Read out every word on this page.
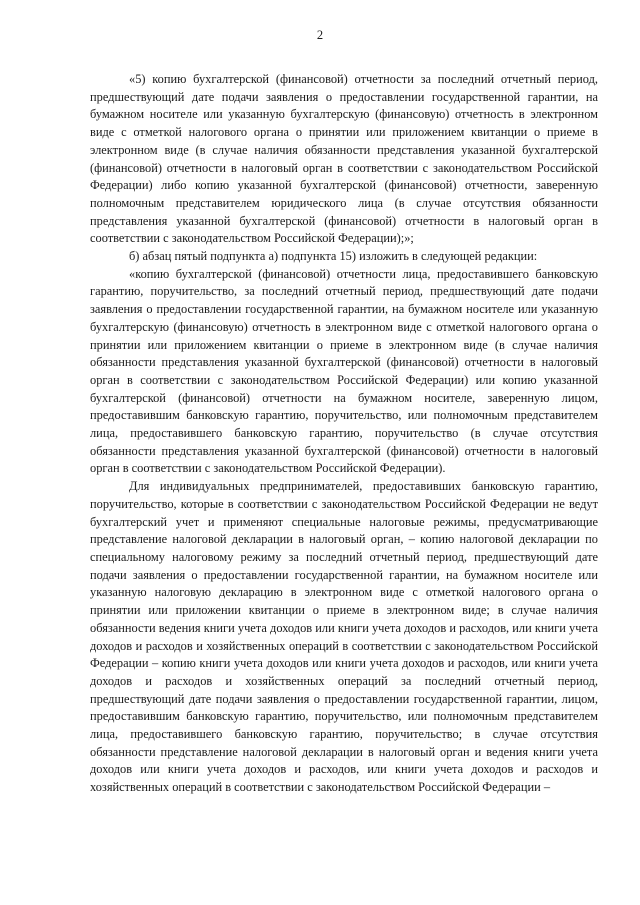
2

«5) копию бухгалтерской (финансовой) отчетности за последний отчетный период, предшествующий дате подачи заявления о предоставлении государственной гарантии, на бумажном носителе или указанную бухгалтерскую (финансовую) отчетность в электронном виде с отметкой налогового органа о принятии или приложением квитанции о приеме в электронном виде (в случае наличия обязанности представления указанной бухгалтерской (финансовой) отчетности в налоговый орган в соответствии с законодательством Российской Федерации) либо копию указанной бухгалтерской (финансовой) отчетности, заверенную полномочным представителем юридического лица (в случае отсутствия обязанности представления указанной бухгалтерской (финансовой) отчетности в налоговый орган в соответствии с законодательством Российской Федерации);»;

б) абзац пятый подпункта а) подпункта 15) изложить в следующей редакции:

«копию бухгалтерской (финансовой) отчетности лица, предоставившего банковскую гарантию, поручительство, за последний отчетный период, предшествующий дате подачи заявления о предоставлении государственной гарантии, на бумажном носителе или указанную бухгалтерскую (финансовую) отчетность в электронном виде с отметкой налогового органа о принятии или приложением квитанции о приеме в электронном виде (в случае наличия обязанности представления указанной бухгалтерской (финансовой) отчетности в налоговый орган в соответствии с законодательством Российской Федерации) или копию указанной бухгалтерской (финансовой) отчетности на бумажном носителе, заверенную лицом, предоставившим банковскую гарантию, поручительство, или полномочным представителем лица, предоставившего банковскую гарантию, поручительство (в случае отсутствия обязанности представления указанной бухгалтерской (финансовой) отчетности в налоговый орган в соответствии с законодательством Российской Федерации).

Для индивидуальных предпринимателей, предоставивших банковскую гарантию, поручительство, которые в соответствии с законодательством Российской Федерации не ведут бухгалтерский учет и применяют специальные налоговые режимы, предусматривающие представление налоговой декларации в налоговый орган, – копию налоговой декларации по специальному налоговому режиму за последний отчетный период, предшествующий дате подачи заявления о предоставлении государственной гарантии, на бумажном носителе или указанную налоговую декларацию в электронном виде с отметкой налогового органа о принятии или приложении квитанции о приеме в электронном виде; в случае наличия обязанности ведения книги учета доходов или книги учета доходов и расходов, или книги учета доходов и расходов и хозяйственных операций в соответствии с законодательством Российской Федерации – копию книги учета доходов или книги учета доходов и расходов, или книги учета доходов и расходов и хозяйственных операций за последний отчетный период, предшествующий дате подачи заявления о предоставлении государственной гарантии, лицом, предоставившим банковскую гарантию, поручительство, или полномочным представителем лица, предоставившего банковскую гарантию, поручительство; в случае отсутствия обязанности представление налоговой декларации в налоговый орган и ведения книги учета доходов или книги учета доходов и расходов, или книги учета доходов и расходов и хозяйственных операций в соответствии с законодательством Российской Федерации –
